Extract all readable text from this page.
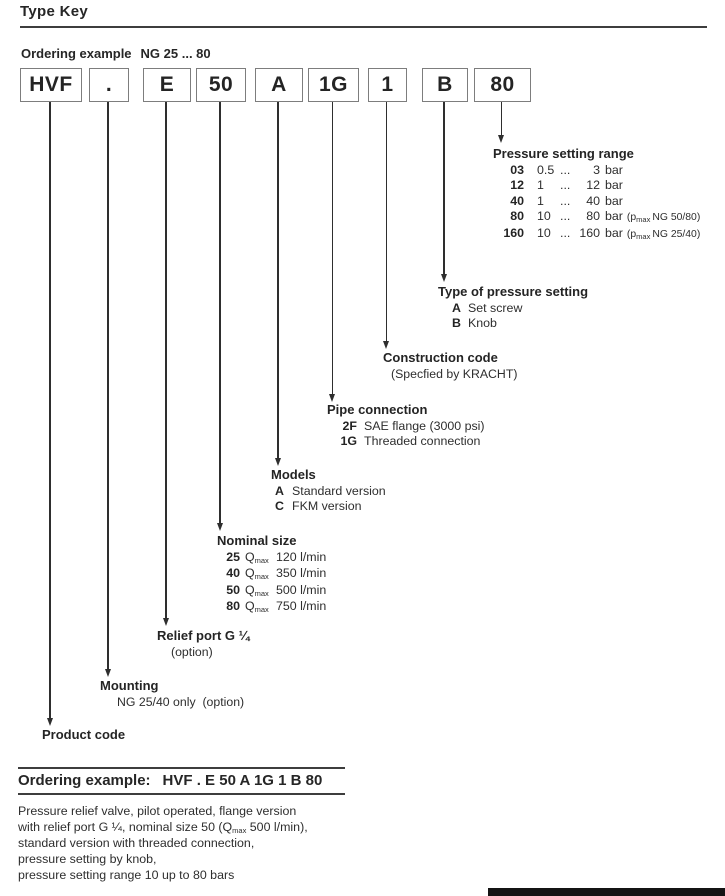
Type Key
Ordering example NG 25 ... 80
HVF	.	E	50	A	1G	1	B	80
Pressure setting range
03 0.5 ...	3 bar
12 1	...	12 bar
40 1	...	40 bar
80 10 ...	80 bar (pmax NG 50/80)
160 10 ... 160 bar (pmax NG 25/40)
Type of pressure setting
A Set screw
B Knob
Construction code
(Specfied by KRACHT)
Pipe connection
2F SAE flange (3000 psi)
1G Threaded connection
Models
A Standard version
C FKM version
Nominal size
25 Qmax 120 l/min
40 Qmax 350 l/min
50 Qmax 500 l/min
80 Qmax 750 l/min
Relief port G ¼
(option)
Mounting
NG 25/40 only  (option)
Product code
Ordering example: HVF . E 50 A 1G 1 B 80
Pressure relief valve, pilot operated, flange version
with relief port G ¼, nominal size 50 (Qmax 500 l/min),
standard version with threaded connection,
pressure setting by knob,
pressure setting range 10 up to 80 bars
